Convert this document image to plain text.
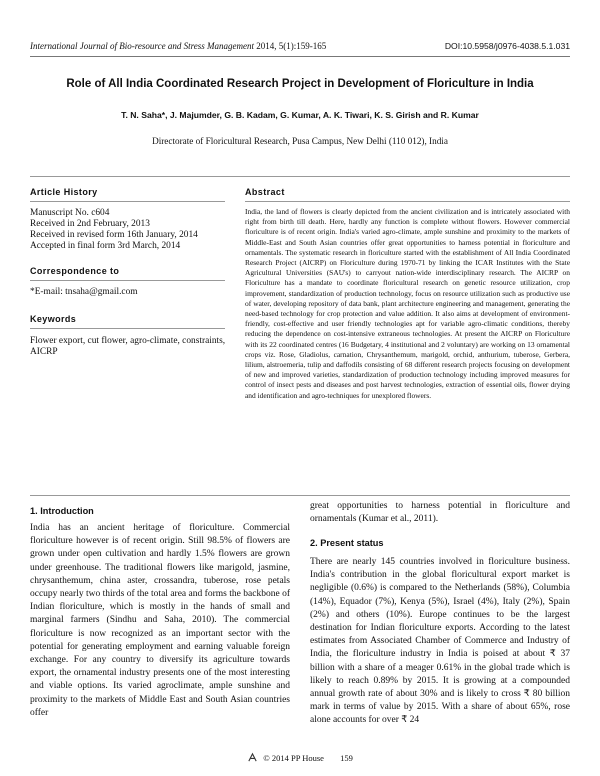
International Journal of Bio-resource and Stress Management 2014, 5(1):159-165	DOI:10.5958/j0976-4038.5.1.031
Role of All India Coordinated Research Project in Development of Floriculture in India
T. N. Saha*, J. Majumder, G. B. Kadam, G. Kumar, A. K. Tiwari, K. S. Girish and R. Kumar
Directorate of Floricultural Research, Pusa Campus, New Delhi (110 012), India
Article History
Manuscript No. c604
Received in 2nd February, 2013
Received in revised form 16th January, 2014
Accepted in final form 3rd March, 2014
Correspondence to
*E-mail: tnsaha@gmail.com
Keywords
Flower export, cut flower, agro-climate, constraints, AICRP
Abstract
India, the land of flowers is clearly depicted from the ancient civilization and is intricately associated with right from birth till death. Here, hardly any function is complete without flowers. However commercial floriculture is of recent origin. India's varied agro-climate, ample sunshine and proximity to the markets of Middle-East and South Asian countries offer great opportunities to harness potential in floriculture and ornamentals. The systematic research in floriculture started with the establishment of All India Coordinated Research Project (AICRP) on Floriculture during 1970-71 by linking the ICAR Institutes with the State Agricultural Universities (SAU's) to carryout nation-wide interdisciplinary research. The AICRP on Floriculture has a mandate to coordinate floricultural research on genetic resource utilization, crop improvement, standardization of production technology, focus on resource utilization such as productive use of water, developing repository of data bank, plant architecture engineering and management, generating the need-based technology for crop protection and value addition. It also aims at development of environment-friendly, cost-effective and user friendly technologies apt for variable agro-climatic conditions, thereby reducing the dependence on cost-intensive extraneous technologies. At present the AICRP on Floriculture with its 22 coordinated centres (16 Budgetary, 4 institutional and 2 voluntary) are working on 13 ornamental crops viz. Rose, Gladiolus, carnation, Chrysanthemum, marigold, orchid, anthurium, tuberose, Gerbera, lilium, alstroemeria, tulip and daffodils consisting of 68 different research projects focusing on development of new and improved varieties, standardization of production technology including improved measures for control of insect pests and diseases and post harvest technologies, extraction of essential oils, flower drying and identification and agro-techniques for unexplored flowers.
1. Introduction
India has an ancient heritage of floriculture. Commercial floriculture however is of recent origin. Still 98.5% of flowers are grown under open cultivation and hardly 1.5% flowers are grown under greenhouse. The traditional flowers like marigold, jasmine, chrysanthemum, china aster, crossandra, tuberose, rose petals occupy nearly two thirds of the total area and forms the backbone of Indian floriculture, which is mostly in the hands of small and marginal farmers (Sindhu and Saha, 2010). The commercial floriculture is now recognized as an important sector with the potential for generating employment and earning valuable foreign exchange. For any country to diversify its agriculture towards export, the ornamental industry presents one of the most interesting and viable options. Its varied agroclimate, ample sunshine and proximity to the markets of Middle East and South Asian countries offer
great opportunities to harness potential in floriculture and ornamentals (Kumar et al., 2011).
2. Present status
There are nearly 145 countries involved in floriculture business. India's contribution in the global floricultural export market is negligible (0.6%) is compared to the Netherlands (58%), Columbia (14%), Equador (7%), Kenya (5%), Israel (4%), Italy (2%), Spain (2%) and others (10%). Europe continues to be the largest destination for Indian floriculture exports. According to the latest estimates from Associated Chamber of Commerce and Industry of India, the floriculture industry in India is poised at about ₹ 37 billion with a share of a meager 0.61% in the global trade which is likely to reach 0.89% by 2015. It is growing at a compounded annual growth rate of about 30% and is likely to cross ₹ 80 billion mark in terms of value by 2015. With a share of about 65%, rose alone accounts for over ₹ 24
© 2014 PP House 159
